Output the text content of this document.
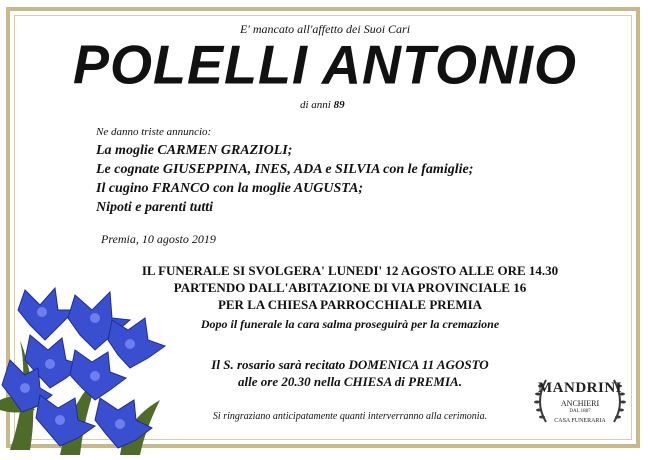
E' mancato all'affetto dei Suoi Cari
POLELLI ANTONIO
di anni 89
Ne danno triste annuncio:
La moglie CARMEN GRAZIOLI;
Le cognate GIUSEPPINA, INES, ADA e SILVIA con le famiglie;
Il cugino FRANCO con la moglie AUGUSTA;
Nipoti e parenti tutti
Premia, 10 agosto 2019
IL FUNERALE SI SVOLGERA' LUNEDI' 12 AGOSTO ALLE ORE 14.30
PARTENDO DALL'ABITAZIONE DI VIA PROVINCIALE 16
PER LA CHIESA PARROCCHIALE PREMIA
Dopo il funerale la cara salma proseguirà per la cremazione
Il S. rosario sarà recitato DOMENICA 11 AGOSTO
alle ore 20.30 nella CHIESA di PREMIA.
Si ringraziano anticipatamente quanti interverranno alla cerimonia.
MANDRINI
ANCHIERI
DAL 1887
CASA FUNERARIA
